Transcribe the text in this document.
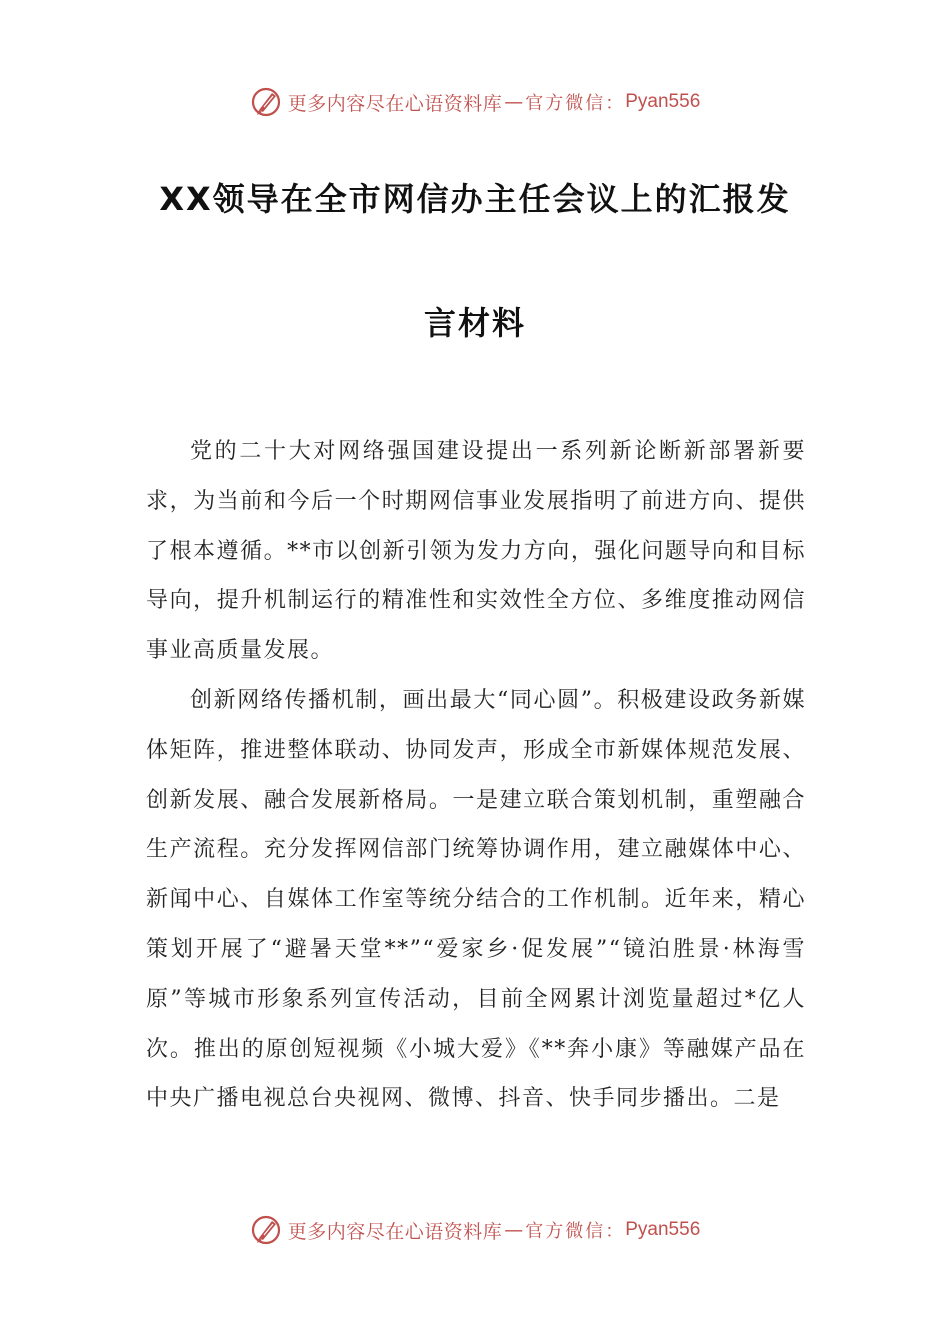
更多内容尽在心语资料库 — 官方微信： Pyan556
XX领导在全市网信办主任会议上的汇报发
言材料

党的二十大对网络强国建设提出一系列新论断新部署新要求，为当前和今后一个时期网信事业发展指明了前进方向、提供了根本遵循。**市以创新引领为发力方向，强化问题导向和目标导向，提升机制运行的精准性和实效性全方位、多维度推动网信事业高质量发展。

创新网络传播机制，画出最大“同心圆”。积极建设政务新媒体矩阵，推进整体联动、协同发声，形成全市新媒体规范发展、创新发展、融合发展新格局。一是建立联合策划机制，重塑融合生产流程。充分发挥网信部门统筹协调作用，建立融媒体中心、新闻中心、自媒体工作室等统分结合的工作机制。近年来，精心策划开展了“避暑天堂**”“爱家乡·促发展”“镜泊胜景·林海雪原”等城市形象系列宣传活动，目前全网累计浏览量超过*亿人次。推出的原创短视频《小城大爱》《**奔小康》等融媒产品在中央广播电视总台央视网、微博、抖音、快手同步播出。二是

更多内容尽在心语资料库 — 官方微信： Pyan556
